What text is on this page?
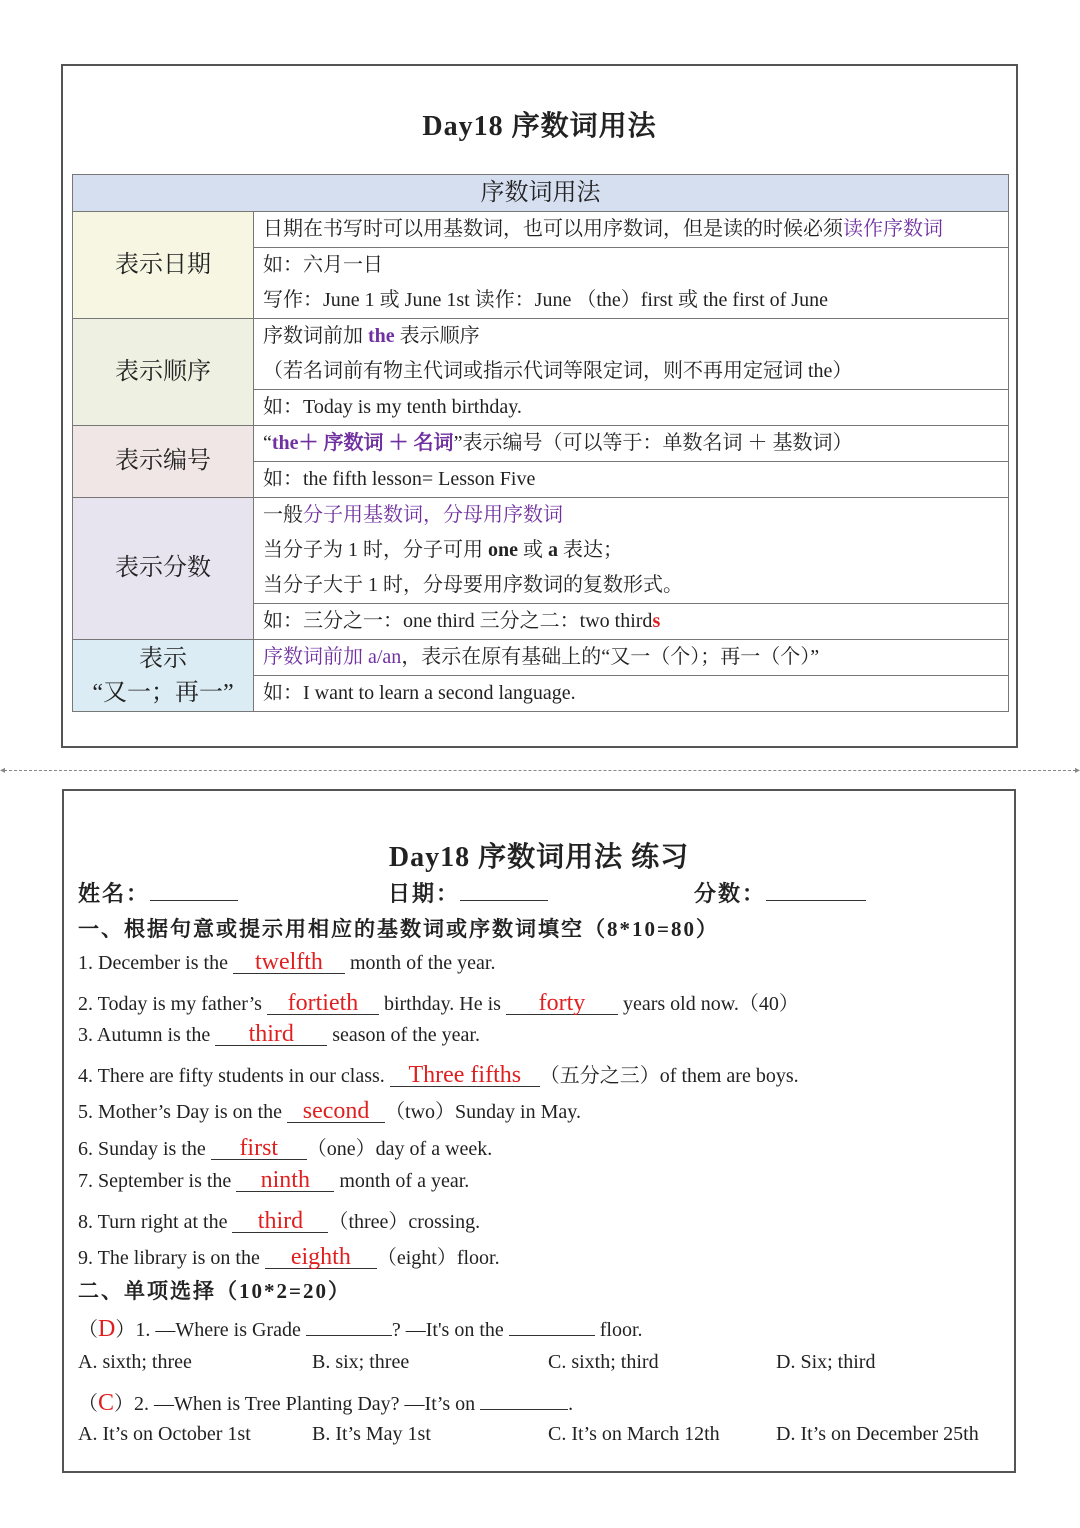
Day18 序数词用法
序数词用法	
表示日期	日期在书写时可以用基数词，也可以用序数词，但是读的时候必须读作序数词
	如：六月一日
	写作：June 1 或 June 1st 读作：June （the）first 或 the first of June
表示顺序	序数词前加 the 表示顺序
	（若名词前有物主代词或指示代词等限定词，则不再用定冠词 the）
	如：Today is my tenth birthday.
表示编号	“the＋ 序数词 ＋ 名词”表示编号（可以等于：单数名词 ＋ 基数词）
	如：the fifth lesson= Lesson Five
表示分数	一般分子用基数词，分母用序数词
	当分子为 1 时，分子可用 one 或 a 表达；
	当分子大于 1 时，分母要用序数词的复数形式。
	如：三分之一：one third 三分之二：two thirds

表示
“又一；再一”	序数词前加 a/an，表示在原有基础上的“又一（个）；再一（个）”
	如：I want to learn a second language.
◂	▸
Day18 序数词用法 练习
姓名：	日期：	分数：
一、根据句意或提示用相应的基数词或序数词填空（8*10=80）
1. December is the twelfth month of the year.
2. Today is my father’s fortieth birthday. He is forty years old now.（40）
3. Autumn is the third season of the year.
4. There are fifty students in our class. Three fifths （五分之三）of them are boys.
5. Mother’s Day is on the second （two）Sunday in May.
6. Sunday is the first （one）day of a week.
7. September is the ninth month of a year.
8. Turn right at the third （three）crossing.
9. The library is on the eighth （eight）floor.
二、单项选择（10*2=20）
（D）1. —Where is Grade	? —It's on the	floor.
A. sixth; three	B. six; three	C. sixth; third	D. Six; third
（C）2. —When is Tree Planting Day? —It’s on	.
A. It’s on October 1st	B. It’s May 1st	C. It’s on March 12th	D. It’s on December 25th
